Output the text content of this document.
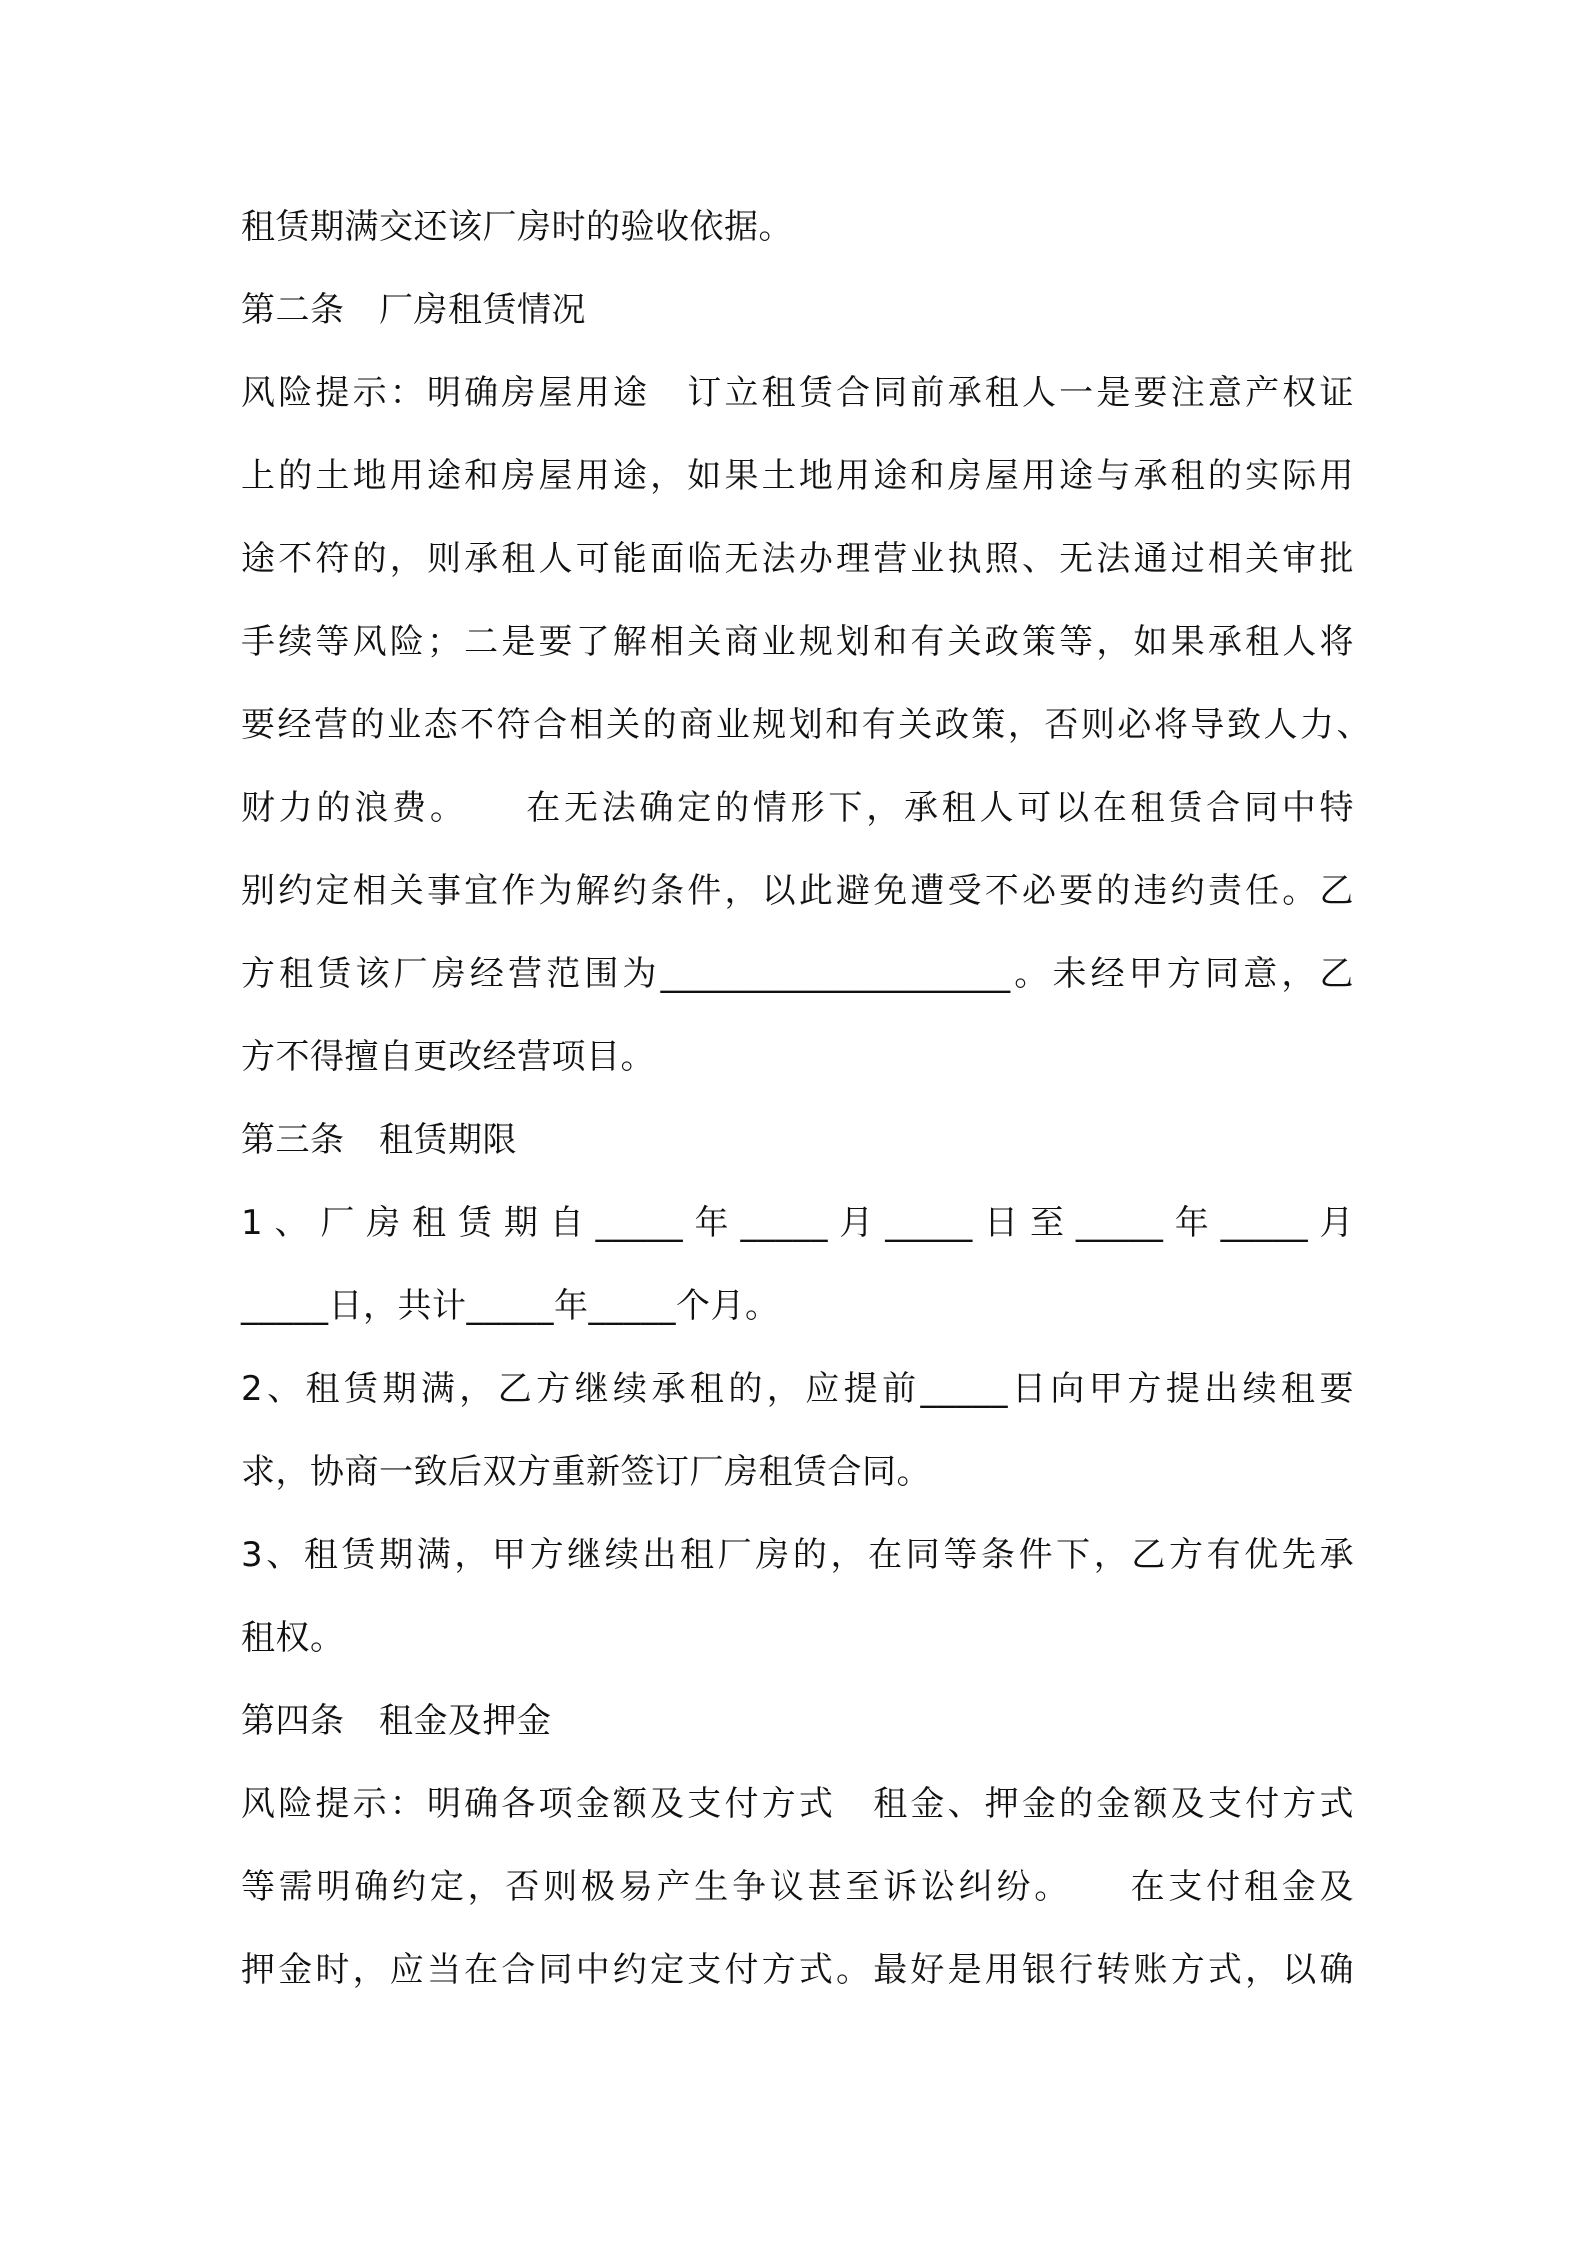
租赁期满交还该厂房时的验收依据。
第二条　厂房租赁情况
风险提示：明确房屋用途　订立租赁合同前承租人一是要注意产权证
上的土地用途和房屋用途，如果土地用途和房屋用途与承租的实际用
途不符的，则承租人可能面临无法办理营业执照、无法通过相关审批
手续等风险；二是要了解相关商业规划和有关政策等，如果承租人将
要经营的业态不符合相关的商业规划和有关政策，否则必将导致人力、
财力的浪费。　　在无法确定的情形下，承租人可以在租赁合同中特
别约定相关事宜作为解约条件，以此避免遭受不必要的违约责任。乙
方租赁该厂房经营范围为____________________。未经甲方同意，乙
方不得擅自更改经营项目。
第三条　租赁期限
1、厂房租赁期自_____年_____月_____日至_____年_____月
_____日，共计_____年_____个月。
2、租赁期满，乙方继续承租的，应提前_____日向甲方提出续租要
求，协商一致后双方重新签订厂房租赁合同。
3、租赁期满，甲方继续出租厂房的，在同等条件下，乙方有优先承
租权。
第四条　租金及押金
风险提示：明确各项金额及支付方式　租金、押金的金额及支付方式
等需明确约定，否则极易产生争议甚至诉讼纠纷。　　在支付租金及
押金时，应当在合同中约定支付方式。最好是用银行转账方式，以确
